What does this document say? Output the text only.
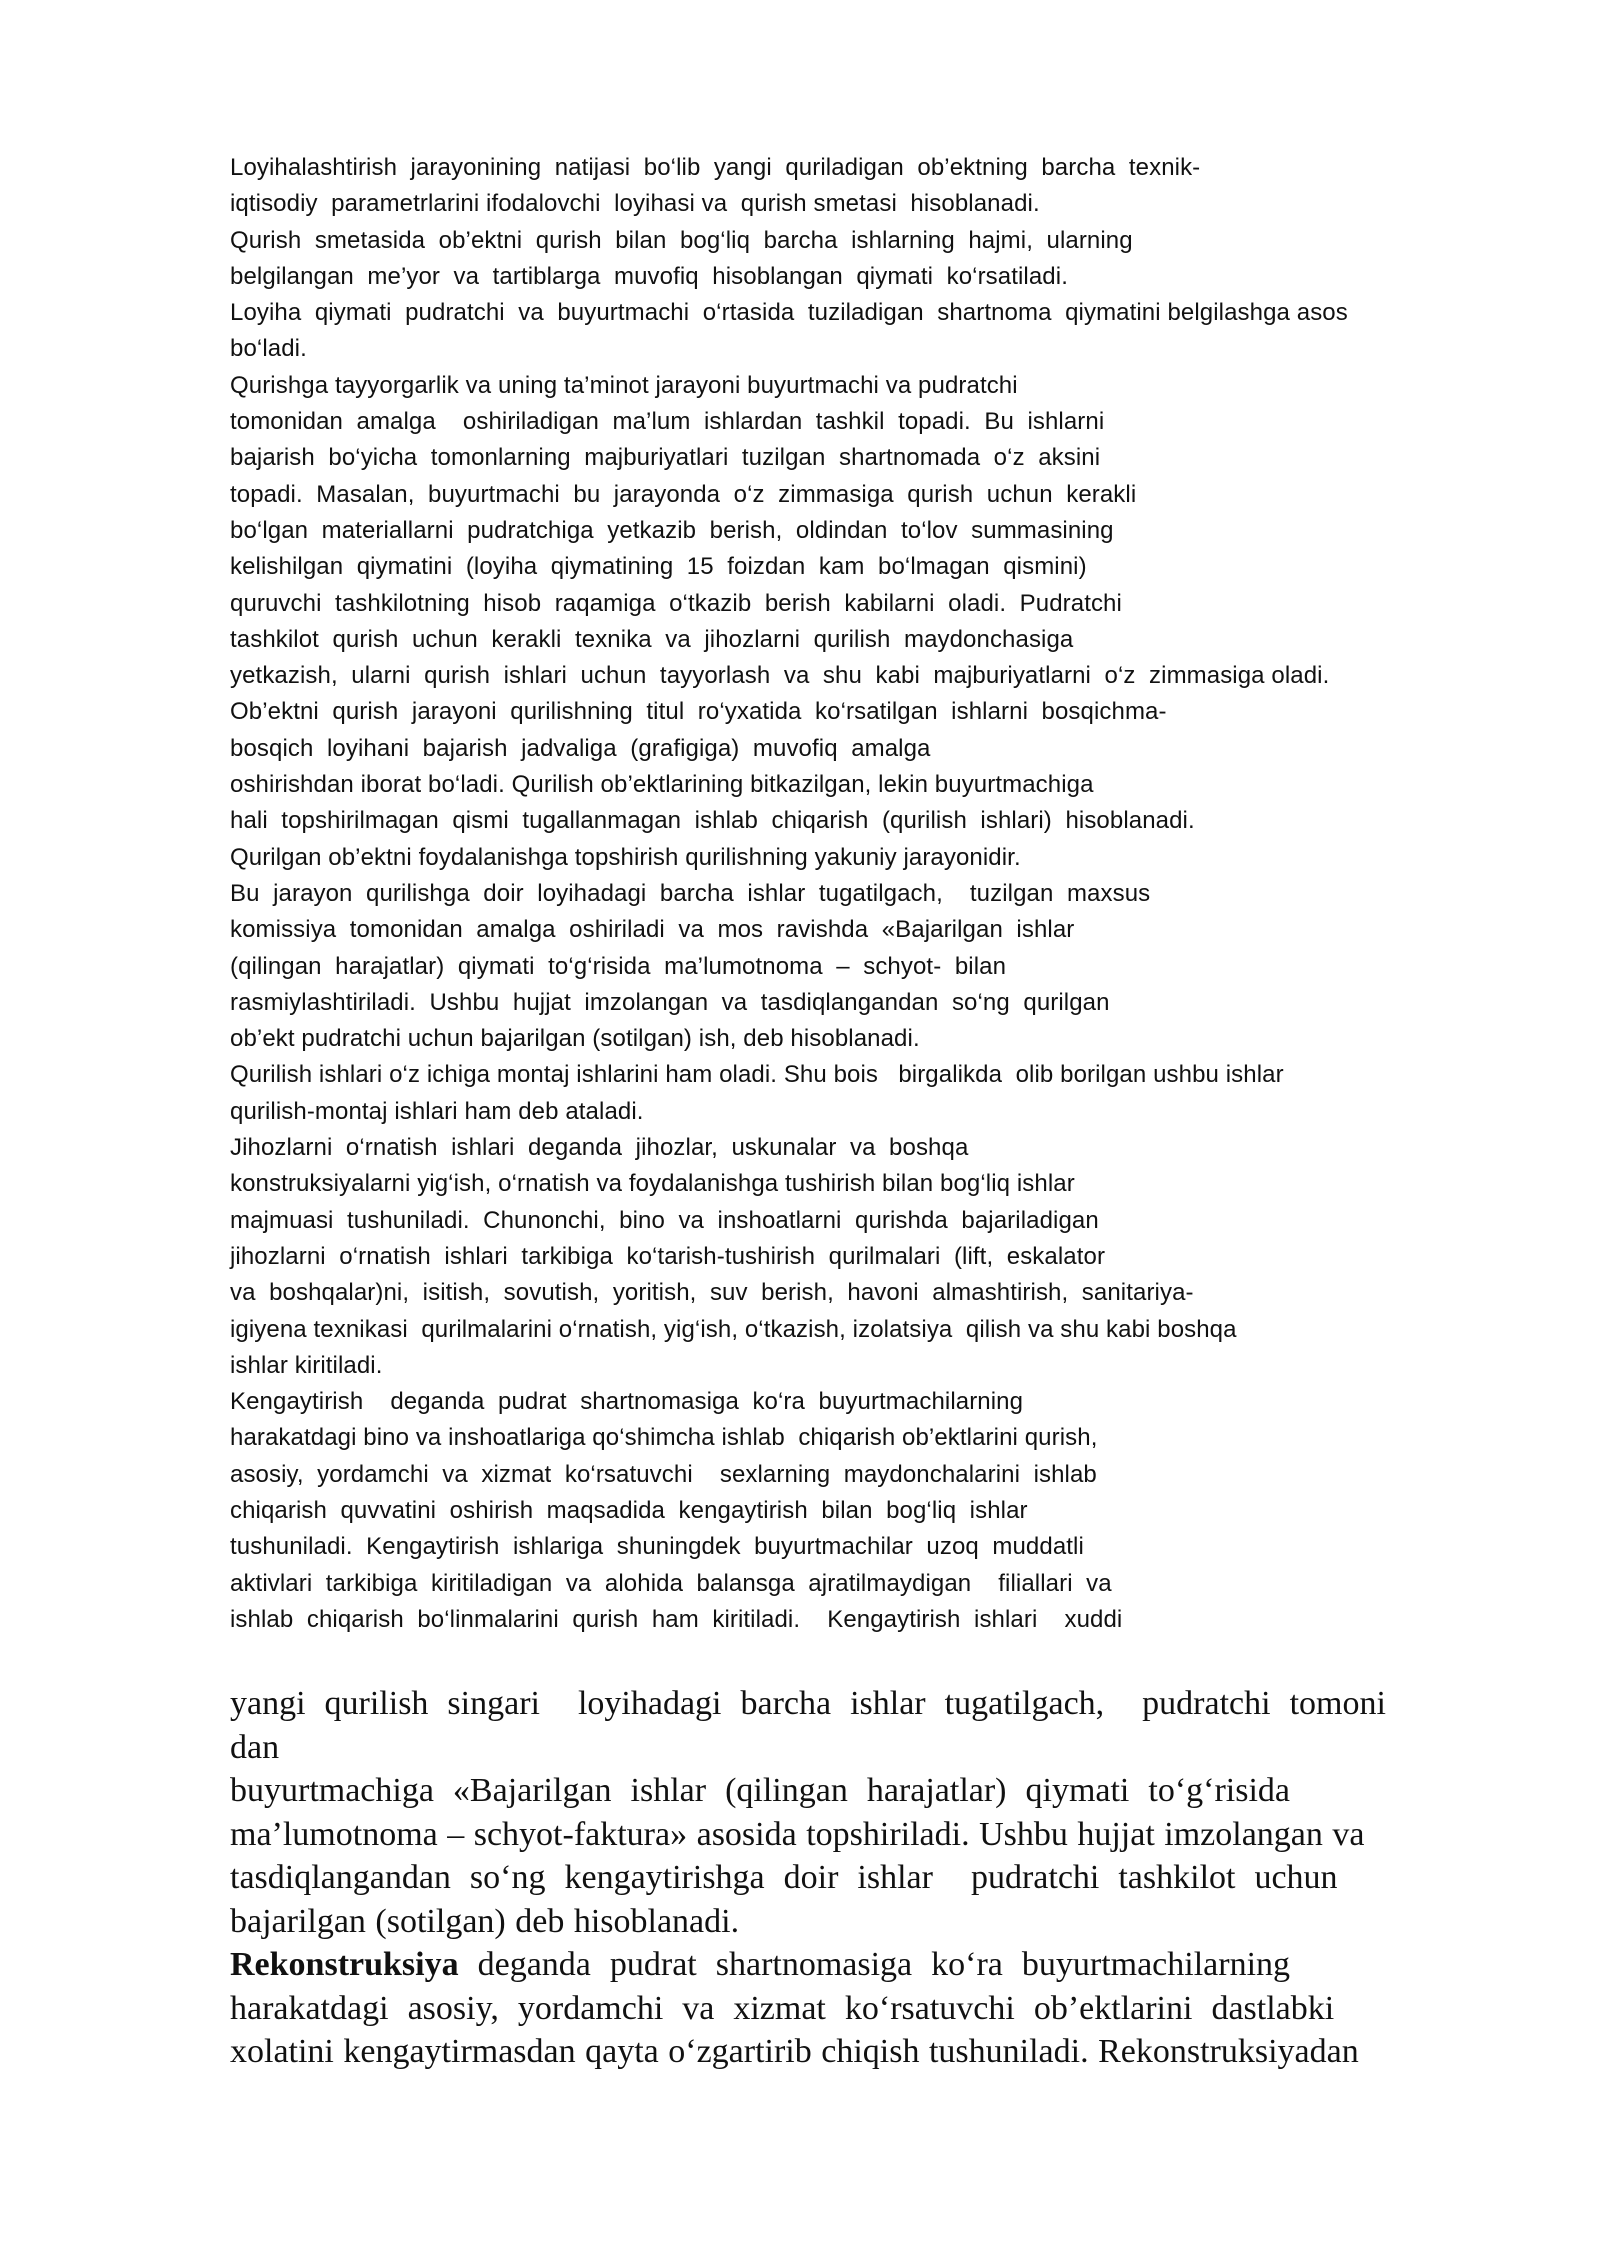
Loyihalashtirish  jarayonining  natijasi  bo‘lib  yangi  quriladigan  ob’ektning  barcha  texnik-
iqtisodiy  parametrlarini ifodalovchi  loyihasi va  qurish smetasi  hisoblanadi.
Qurish  smetasida  ob’ektni  qurish  bilan  bog‘liq  barcha  ishlarning  hajmi,  ularning
belgilangan  me’yor  va  tartiblarga  muvofiq  hisoblangan  qiymati  ko‘rsatiladi.
Loyiha  qiymati  pudratchi  va  buyurtmachi  o‘rtasida  tuziladigan  shartnoma  qiymatini belgilashga asos
bo‘ladi.
Qurishga tayyorgarlik va uning ta’minot jarayoni buyurtmachi va pudratchi
tomonidan  amalga    oshiriladigan  ma’lum  ishlardan  tashkil  topadi.  Bu  ishlarni
bajarish  bo‘yicha  tomonlarning  majburiyatlari  tuzilgan  shartnomada  o‘z  aksini
topadi.  Masalan,  buyurtmachi  bu  jarayonda  o‘z  zimmasiga  qurish  uchun  kerakli
bo‘lgan  materiallarni  pudratchiga  yetkazib  berish,  oldindan  to‘lov  summasining
kelishilgan  qiymatini  (loyiha  qiymatining  15  foizdan  kam  bo‘lmagan  qismini)
quruvchi  tashkilotning  hisob  raqamiga  o‘tkazib  berish  kabilarni  oladi.  Pudratchi
tashkilot  qurish  uchun  kerakli  texnika  va  jihozlarni  qurilish  maydonchasiga
yetkazish,  ularni  qurish  ishlari  uchun  tayyorlash  va  shu  kabi  majburiyatlarni  o‘z  zimmasiga oladi.
Ob’ektni  qurish  jarayoni  qurilishning  titul  ro‘yxatida  ko‘rsatilgan  ishlarni  bosqichma-
bosqich  loyihani  bajarish  jadvaliga  (grafigiga)  muvofiq  amalga
oshirishdan iborat bo‘ladi. Qurilish ob’ektlarining bitkazilgan, lekin buyurtmachiga
hali  topshirilmagan  qismi  tugallanmagan  ishlab  chiqarish  (qurilish  ishlari)  hisoblanadi.
Qurilgan ob’ektni foydalanishga topshirish qurilishning yakuniy jarayonidir.
Bu  jarayon  qurilishga  doir  loyihadagi  barcha  ishlar  tugatilgach,    tuzilgan  maxsus
komissiya  tomonidan  amalga  oshiriladi  va  mos  ravishda  «Bajarilgan  ishlar
(qilingan  harajatlar)  qiymati  to‘g‘risida  ma’lumotnoma  –  schyot-  bilan
rasmiylashtiriladi.  Ushbu  hujjat  imzolangan  va  tasdiqlangandan  so‘ng  qurilgan
ob’ekt pudratchi uchun bajarilgan (sotilgan) ish, deb hisoblanadi.
Qurilish ishlari o‘z ichiga montaj ishlarini ham oladi. Shu bois   birgalikda  olib borilgan ushbu ishlar
qurilish-montaj ishlari ham deb ataladi.
Jihozlarni  o‘rnatish  ishlari  deganda  jihozlar,  uskunalar  va  boshqa
konstruksiyalarni yig‘ish, o‘rnatish va foydalanishga tushirish bilan bog‘liq ishlar
majmuasi  tushuniladi.  Chunonchi,  bino  va  inshoatlarni  qurishda  bajariladigan
jihozlarni  o‘rnatish  ishlari  tarkibiga  ko‘tarish-tushirish  qurilmalari  (lift,  eskalator
va  boshqalar)ni,  isitish,  sovutish,  yoritish,  suv  berish,  havoni  almashtirish,  sanitariya-
igiyena texnikasi  qurilmalarini o‘rnatish, yig‘ish, o‘tkazish, izolatsiya  qilish va shu kabi boshqa
ishlar kiritiladi.
Kengaytirish    deganda  pudrat  shartnomasiga  ko‘ra  buyurtmachilarning
harakatdagi bino va inshoatlariga qo‘shimcha ishlab  chiqarish ob’ektlarini qurish,
asosiy,  yordamchi  va  xizmat  ko‘rsatuvchi    sexlarning  maydonchalarini  ishlab
chiqarish  quvvatini  oshirish  maqsadida  kengaytirish  bilan  bog‘liq  ishlar
tushuniladi.  Kengaytirish  ishlariga  shuningdek  buyurtmachilar  uzoq  muddatli
aktivlari  tarkibiga  kiritiladigan  va  alohida  balansga  ajratilmaydigan    filiallari  va
ishlab  chiqarish  bo‘linmalarini  qurish  ham  kiritiladi.    Kengaytirish  ishlari    xuddi
yangi  qurilish  singari    loyihadagi  barcha  ishlar  tugatilgach,    pudratchi  tomoni
dan
buyurtmachiga  «Bajarilgan  ishlar  (qilingan  harajatlar)  qiymati  to‘g‘risida
ma’lumotnoma – schyot-faktura» asosida topshiriladi. Ushbu hujjat imzolangan va
tasdiqlangandan  so‘ng  kengaytirishga  doir  ishlar    pudratchi  tashkilot  uchun
bajarilgan (sotilgan) deb hisoblanadi.
Rekonstruksiya  deganda  pudrat  shartnomasiga  ko‘ra  buyurtmachilarning
harakatdagi  asosiy,  yordamchi  va  xizmat  ko‘rsatuvchi  ob’ektlarini  dastlabki
xolatini kengaytirmasdan qayta o‘zgartirib chiqish tushuniladi. Rekonstruksiyadan
